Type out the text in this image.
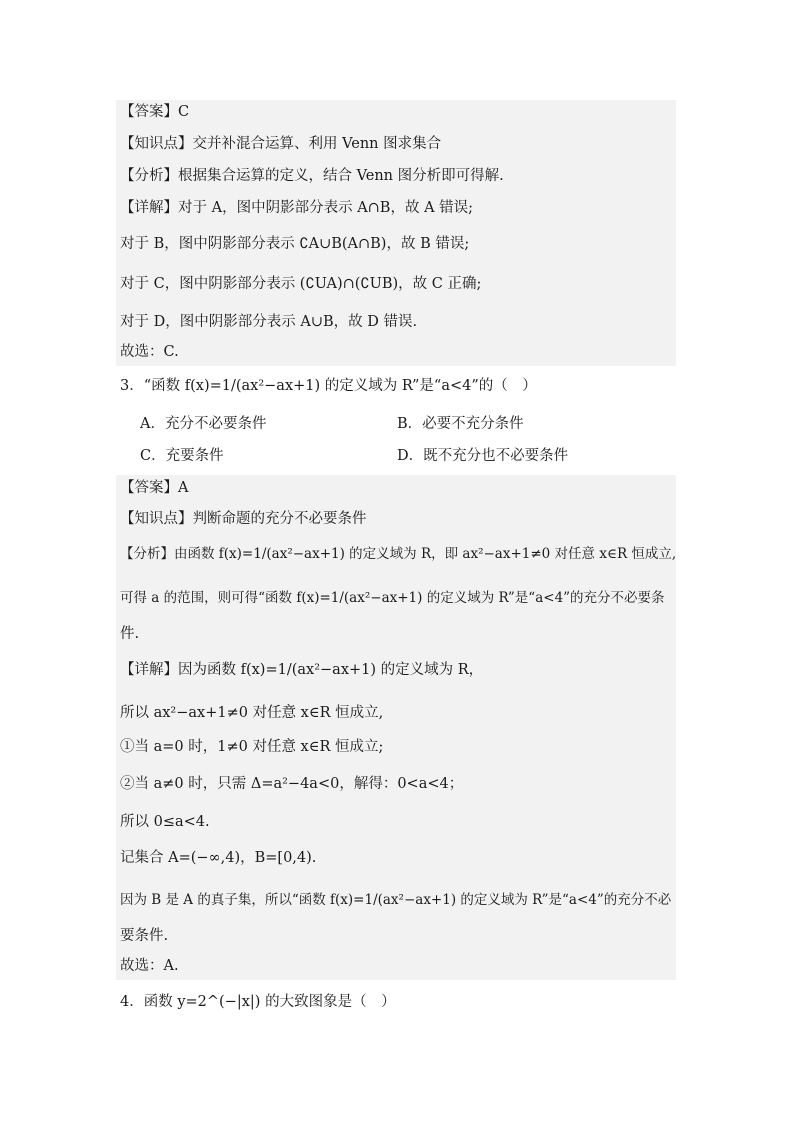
【答案】C
【知识点】交并补混合运算、利用 Venn 图求集合
【分析】根据集合运算的定义，结合 Venn 图分析即可得解.
【详解】对于 A，图中阴影部分表示 A∩B，故 A 错误;
对于 B，图中阴影部分表示 ∁A∪B(A∩B)，故 B 错误;
对于 C，图中阴影部分表示 (∁UA)∩(∁UB)，故 C 正确;
对于 D，图中阴影部分表示 A∪B，故 D 错误.
故选：C.
3．“函数 f(x)=1/(ax²−ax+1) 的定义域为 R”是“a<4”的（　）
A．充分不必要条件	B．必要不充分条件
C．充要条件	D．既不充分也不必要条件
【答案】A
【知识点】判断命题的充分不必要条件
【分析】由函数 f(x)=1/(ax²−ax+1) 的定义域为 R，即 ax²−ax+1≠0 对任意 x∈R 恒成立,
可得 a 的范围，则可得“函数 f(x)=1/(ax²−ax+1) 的定义域为 R”是“a<4”的充分不必要条
件.
【详解】因为函数 f(x)=1/(ax²−ax+1) 的定义域为 R，
所以 ax²−ax+1≠0 对任意 x∈R 恒成立,
①当 a=0 时，1≠0 对任意 x∈R 恒成立;
②当 a≠0 时，只需 Δ=a²−4a<0，解得：0<a<4；
所以 0≤a<4.
记集合 A=(−∞,4)，B=[0,4).
因为 B 是 A 的真子集，所以“函数 f(x)=1/(ax²−ax+1) 的定义域为 R”是“a<4”的充分不必
要条件.
故选：A.
4．函数 y=2^(−|x|) 的大致图象是（　）
